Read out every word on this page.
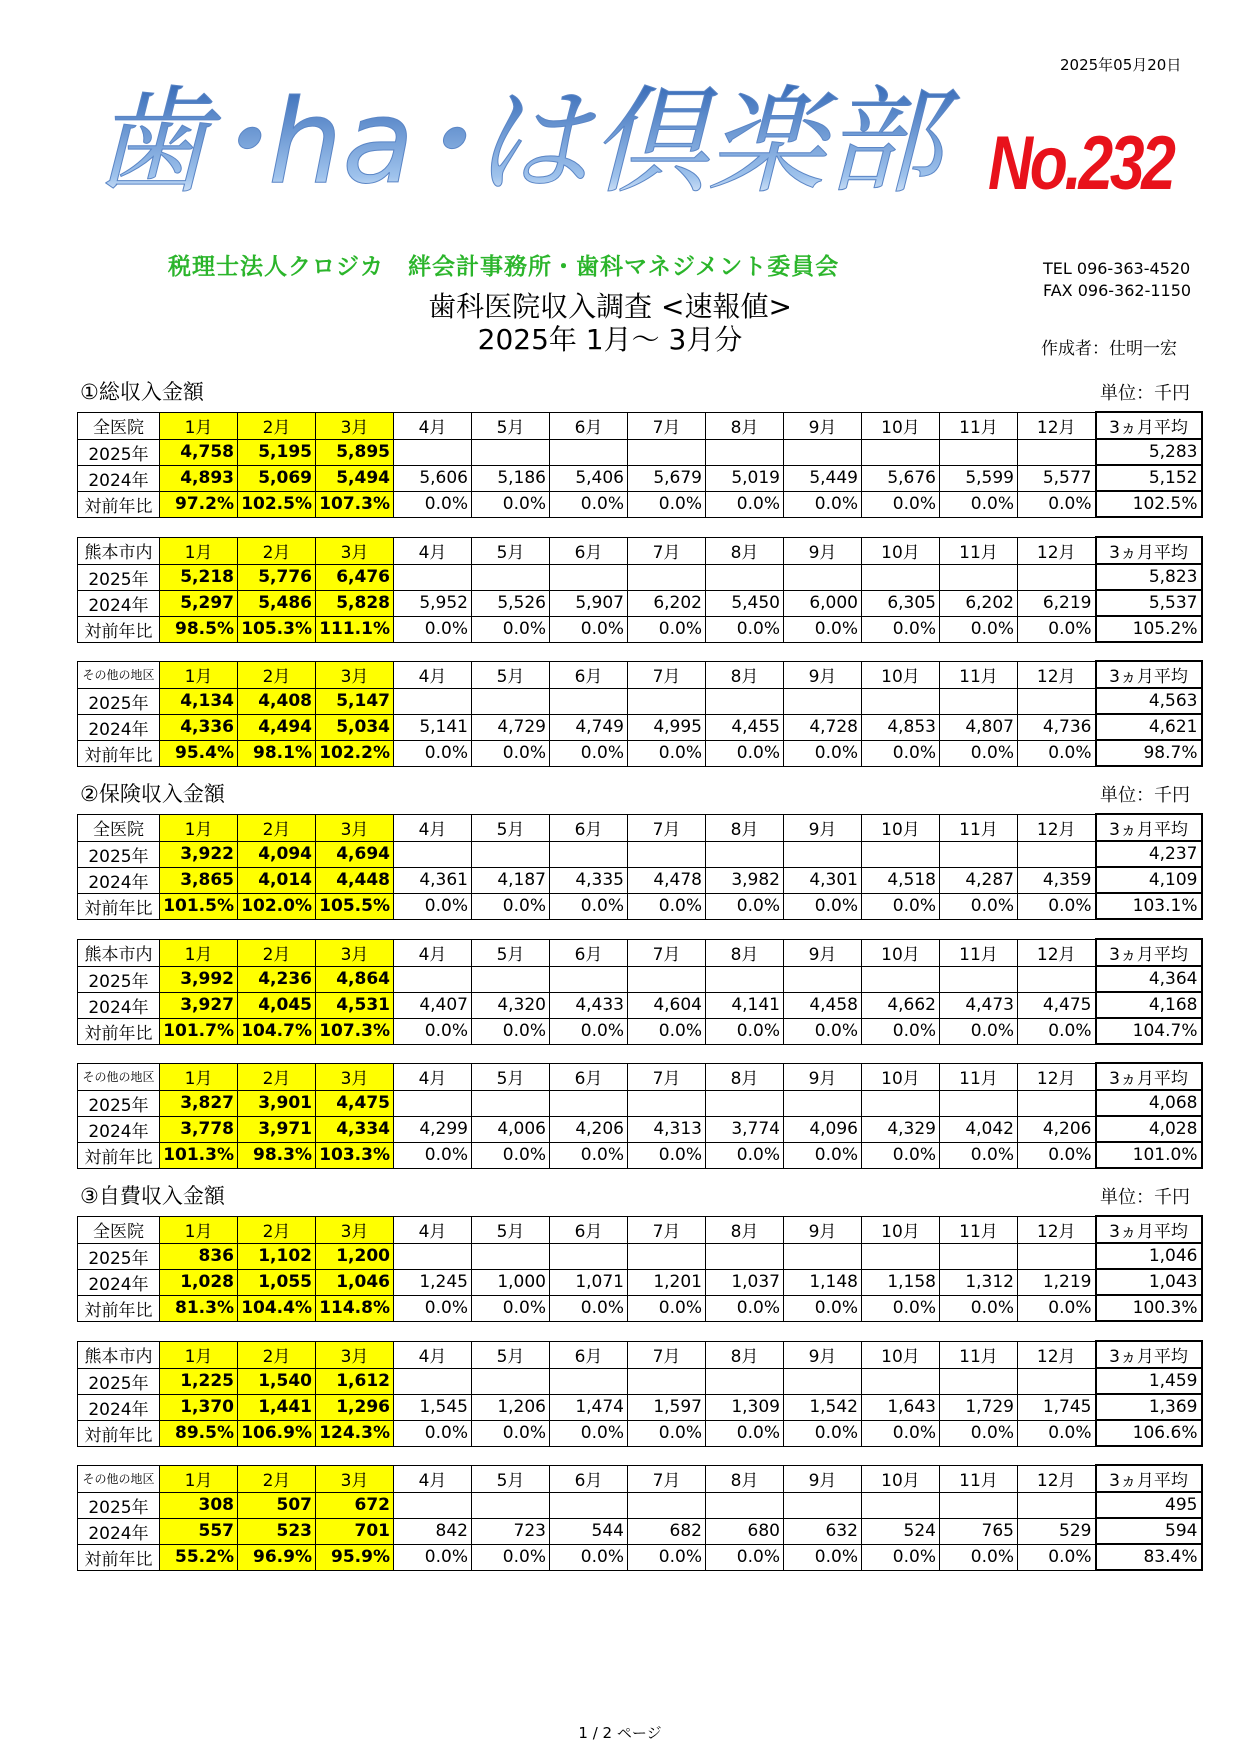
2025年05月20日
歯･ha･は倶楽部 No.232
税理士法人クロジカ　絆会計事務所・歯科マネジメント委員会	TEL 096-363-4520
FAX 096-362-1150
歯科医院収入調査 <速報値>
2025年 1月～ 3月分	作成者：仕明一宏
①総収入金額	単位：千円
全医院	1月	2月	3月	4月	5月	6月	7月	8月	9月	10月	11月	12月	3ヵ月平均
2025年	4,758	5,195	5,895										5,283
2024年	4,893	5,069	5,494	5,606	5,186	5,406	5,679	5,019	5,449	5,676	5,599	5,577	5,152
対前年比	97.2%	102.5%	107.3%	0.0%	0.0%	0.0%	0.0%	0.0%	0.0%	0.0%	0.0%	0.0%	102.5%
熊本市内	1月	2月	3月	4月	5月	6月	7月	8月	9月	10月	11月	12月	3ヵ月平均
2025年	5,218	5,776	6,476										5,823
2024年	5,297	5,486	5,828	5,952	5,526	5,907	6,202	5,450	6,000	6,305	6,202	6,219	5,537
対前年比	98.5%	105.3%	111.1%	0.0%	0.0%	0.0%	0.0%	0.0%	0.0%	0.0%	0.0%	0.0%	105.2%
その他の地区	1月	2月	3月	4月	5月	6月	7月	8月	9月	10月	11月	12月	3ヵ月平均
2025年	4,134	4,408	5,147										4,563
2024年	4,336	4,494	5,034	5,141	4,729	4,749	4,995	4,455	4,728	4,853	4,807	4,736	4,621
対前年比	95.4%	98.1%	102.2%	0.0%	0.0%	0.0%	0.0%	0.0%	0.0%	0.0%	0.0%	0.0%	98.7%
②保険収入金額	単位：千円
全医院	1月	2月	3月	4月	5月	6月	7月	8月	9月	10月	11月	12月	3ヵ月平均
2025年	3,922	4,094	4,694										4,237
2024年	3,865	4,014	4,448	4,361	4,187	4,335	4,478	3,982	4,301	4,518	4,287	4,359	4,109
対前年比	101.5%	102.0%	105.5%	0.0%	0.0%	0.0%	0.0%	0.0%	0.0%	0.0%	0.0%	0.0%	103.1%
熊本市内	1月	2月	3月	4月	5月	6月	7月	8月	9月	10月	11月	12月	3ヵ月平均
2025年	3,992	4,236	4,864										4,364
2024年	3,927	4,045	4,531	4,407	4,320	4,433	4,604	4,141	4,458	4,662	4,473	4,475	4,168
対前年比	101.7%	104.7%	107.3%	0.0%	0.0%	0.0%	0.0%	0.0%	0.0%	0.0%	0.0%	0.0%	104.7%
その他の地区	1月	2月	3月	4月	5月	6月	7月	8月	9月	10月	11月	12月	3ヵ月平均
2025年	3,827	3,901	4,475										4,068
2024年	3,778	3,971	4,334	4,299	4,006	4,206	4,313	3,774	4,096	4,329	4,042	4,206	4,028
対前年比	101.3%	98.3%	103.3%	0.0%	0.0%	0.0%	0.0%	0.0%	0.0%	0.0%	0.0%	0.0%	101.0%
③自費収入金額	単位：千円
全医院	1月	2月	3月	4月	5月	6月	7月	8月	9月	10月	11月	12月	3ヵ月平均
2025年	836	1,102	1,200										1,046
2024年	1,028	1,055	1,046	1,245	1,000	1,071	1,201	1,037	1,148	1,158	1,312	1,219	1,043
対前年比	81.3%	104.4%	114.8%	0.0%	0.0%	0.0%	0.0%	0.0%	0.0%	0.0%	0.0%	0.0%	100.3%
熊本市内	1月	2月	3月	4月	5月	6月	7月	8月	9月	10月	11月	12月	3ヵ月平均
2025年	1,225	1,540	1,612										1,459
2024年	1,370	1,441	1,296	1,545	1,206	1,474	1,597	1,309	1,542	1,643	1,729	1,745	1,369
対前年比	89.5%	106.9%	124.3%	0.0%	0.0%	0.0%	0.0%	0.0%	0.0%	0.0%	0.0%	0.0%	106.6%
その他の地区	1月	2月	3月	4月	5月	6月	7月	8月	9月	10月	11月	12月	3ヵ月平均
2025年	308	507	672										495
2024年	557	523	701	842	723	544	682	680	632	524	765	529	594
対前年比	55.2%	96.9%	95.9%	0.0%	0.0%	0.0%	0.0%	0.0%	0.0%	0.0%	0.0%	0.0%	83.4%
1 / 2 ページ
